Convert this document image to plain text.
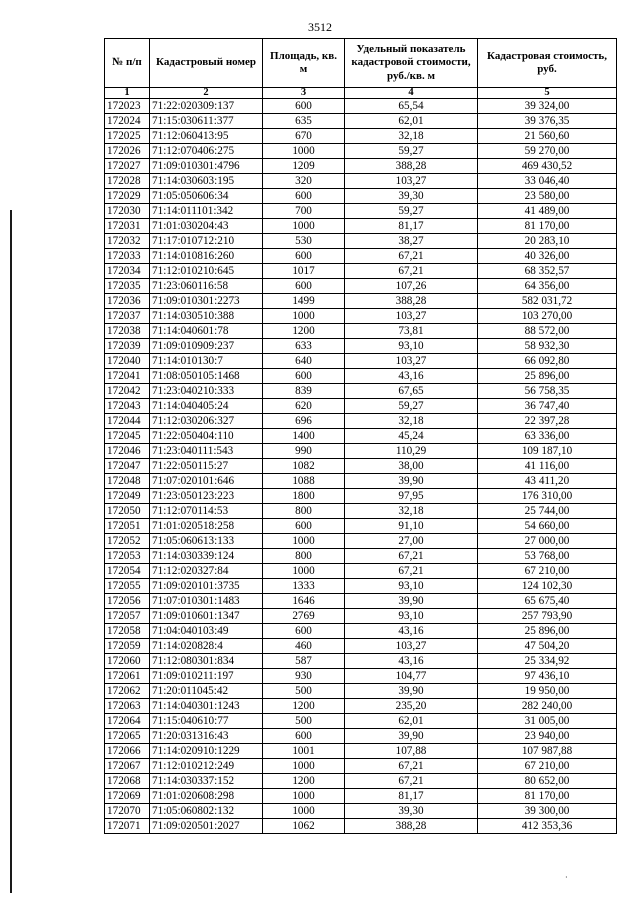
3512
№ п/п	Кадастровый номер	Площадь, кв. м	Удельный показатель кадастровой стоимости, руб./кв. м	Кадастровая стоимость, руб.
1	2	3	4	5
172023	71:22:020309:137	600	65,54	39 324,00
172024	71:15:030611:377	635	62,01	39 376,35
172025	71:12:060413:95	670	32,18	21 560,60
172026	71:12:070406:275	1000	59,27	59 270,00
172027	71:09:010301:4796	1209	388,28	469 430,52
172028	71:14:030603:195	320	103,27	33 046,40
172029	71:05:050606:34	600	39,30	23 580,00
172030	71:14:011101:342	700	59,27	41 489,00
172031	71:01:030204:43	1000	81,17	81 170,00
172032	71:17:010712:210	530	38,27	20 283,10
172033	71:14:010816:260	600	67,21	40 326,00
172034	71:12:010210:645	1017	67,21	68 352,57
172035	71:23:060116:58	600	107,26	64 356,00
172036	71:09:010301:2273	1499	388,28	582 031,72
172037	71:14:030510:388	1000	103,27	103 270,00
172038	71:14:040601:78	1200	73,81	88 572,00
172039	71:09:010909:237	633	93,10	58 932,30
172040	71:14:010130:7	640	103,27	66 092,80
172041	71:08:050105:1468	600	43,16	25 896,00
172042	71:23:040210:333	839	67,65	56 758,35
172043	71:14:040405:24	620	59,27	36 747,40
172044	71:12:030206:327	696	32,18	22 397,28
172045	71:22:050404:110	1400	45,24	63 336,00
172046	71:23:040111:543	990	110,29	109 187,10
172047	71:22:050115:27	1082	38,00	41 116,00
172048	71:07:020101:646	1088	39,90	43 411,20
172049	71:23:050123:223	1800	97,95	176 310,00
172050	71:12:070114:53	800	32,18	25 744,00
172051	71:01:020518:258	600	91,10	54 660,00
172052	71:05:060613:133	1000	27,00	27 000,00
172053	71:14:030339:124	800	67,21	53 768,00
172054	71:12:020327:84	1000	67,21	67 210,00
172055	71:09:020101:3735	1333	93,10	124 102,30
172056	71:07:010301:1483	1646	39,90	65 675,40
172057	71:09:010601:1347	2769	93,10	257 793,90
172058	71:04:040103:49	600	43,16	25 896,00
172059	71:14:020828:4	460	103,27	47 504,20
172060	71:12:080301:834	587	43,16	25 334,92
172061	71:09:010211:197	930	104,77	97 436,10
172062	71:20:011045:42	500	39,90	19 950,00
172063	71:14:040301:1243	1200	235,20	282 240,00
172064	71:15:040610:77	500	62,01	31 005,00
172065	71:20:031316:43	600	39,90	23 940,00
172066	71:14:020910:1229	1001	107,88	107 987,88
172067	71:12:010212:249	1000	67,21	67 210,00
172068	71:14:030337:152	1200	67,21	80 652,00
172069	71:01:020608:298	1000	81,17	81 170,00
172070	71:05:060802:132	1000	39,30	39 300,00
172071	71:09:020501:2027	1062	388,28	412 353,36
·
